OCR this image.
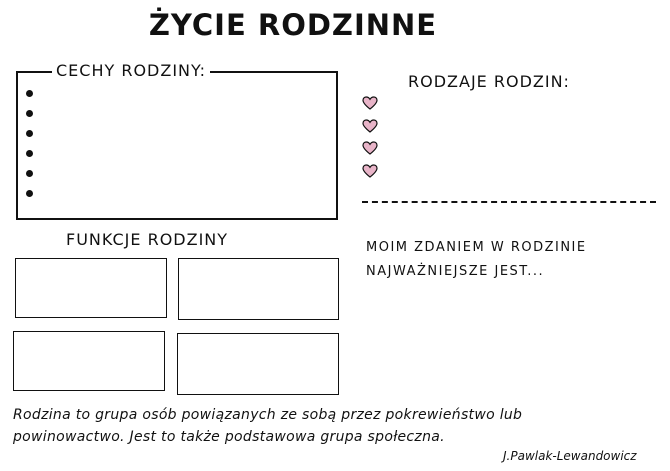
ŻYCIE RODZINNE
CECHY RODZINY:
RODZAJE RODZIN:
FUNKCJE RODZINY	MOIM ZDANIEM W RODZINIE
NAJWAŻNIEJSZE JEST...
Rodzina to grupa osób powiązanych ze sobą przez pokrewieństwo lub
powinowactwo. Jest to także podstawowa grupa społeczna.
J.Pawlak-Lewandowicz
